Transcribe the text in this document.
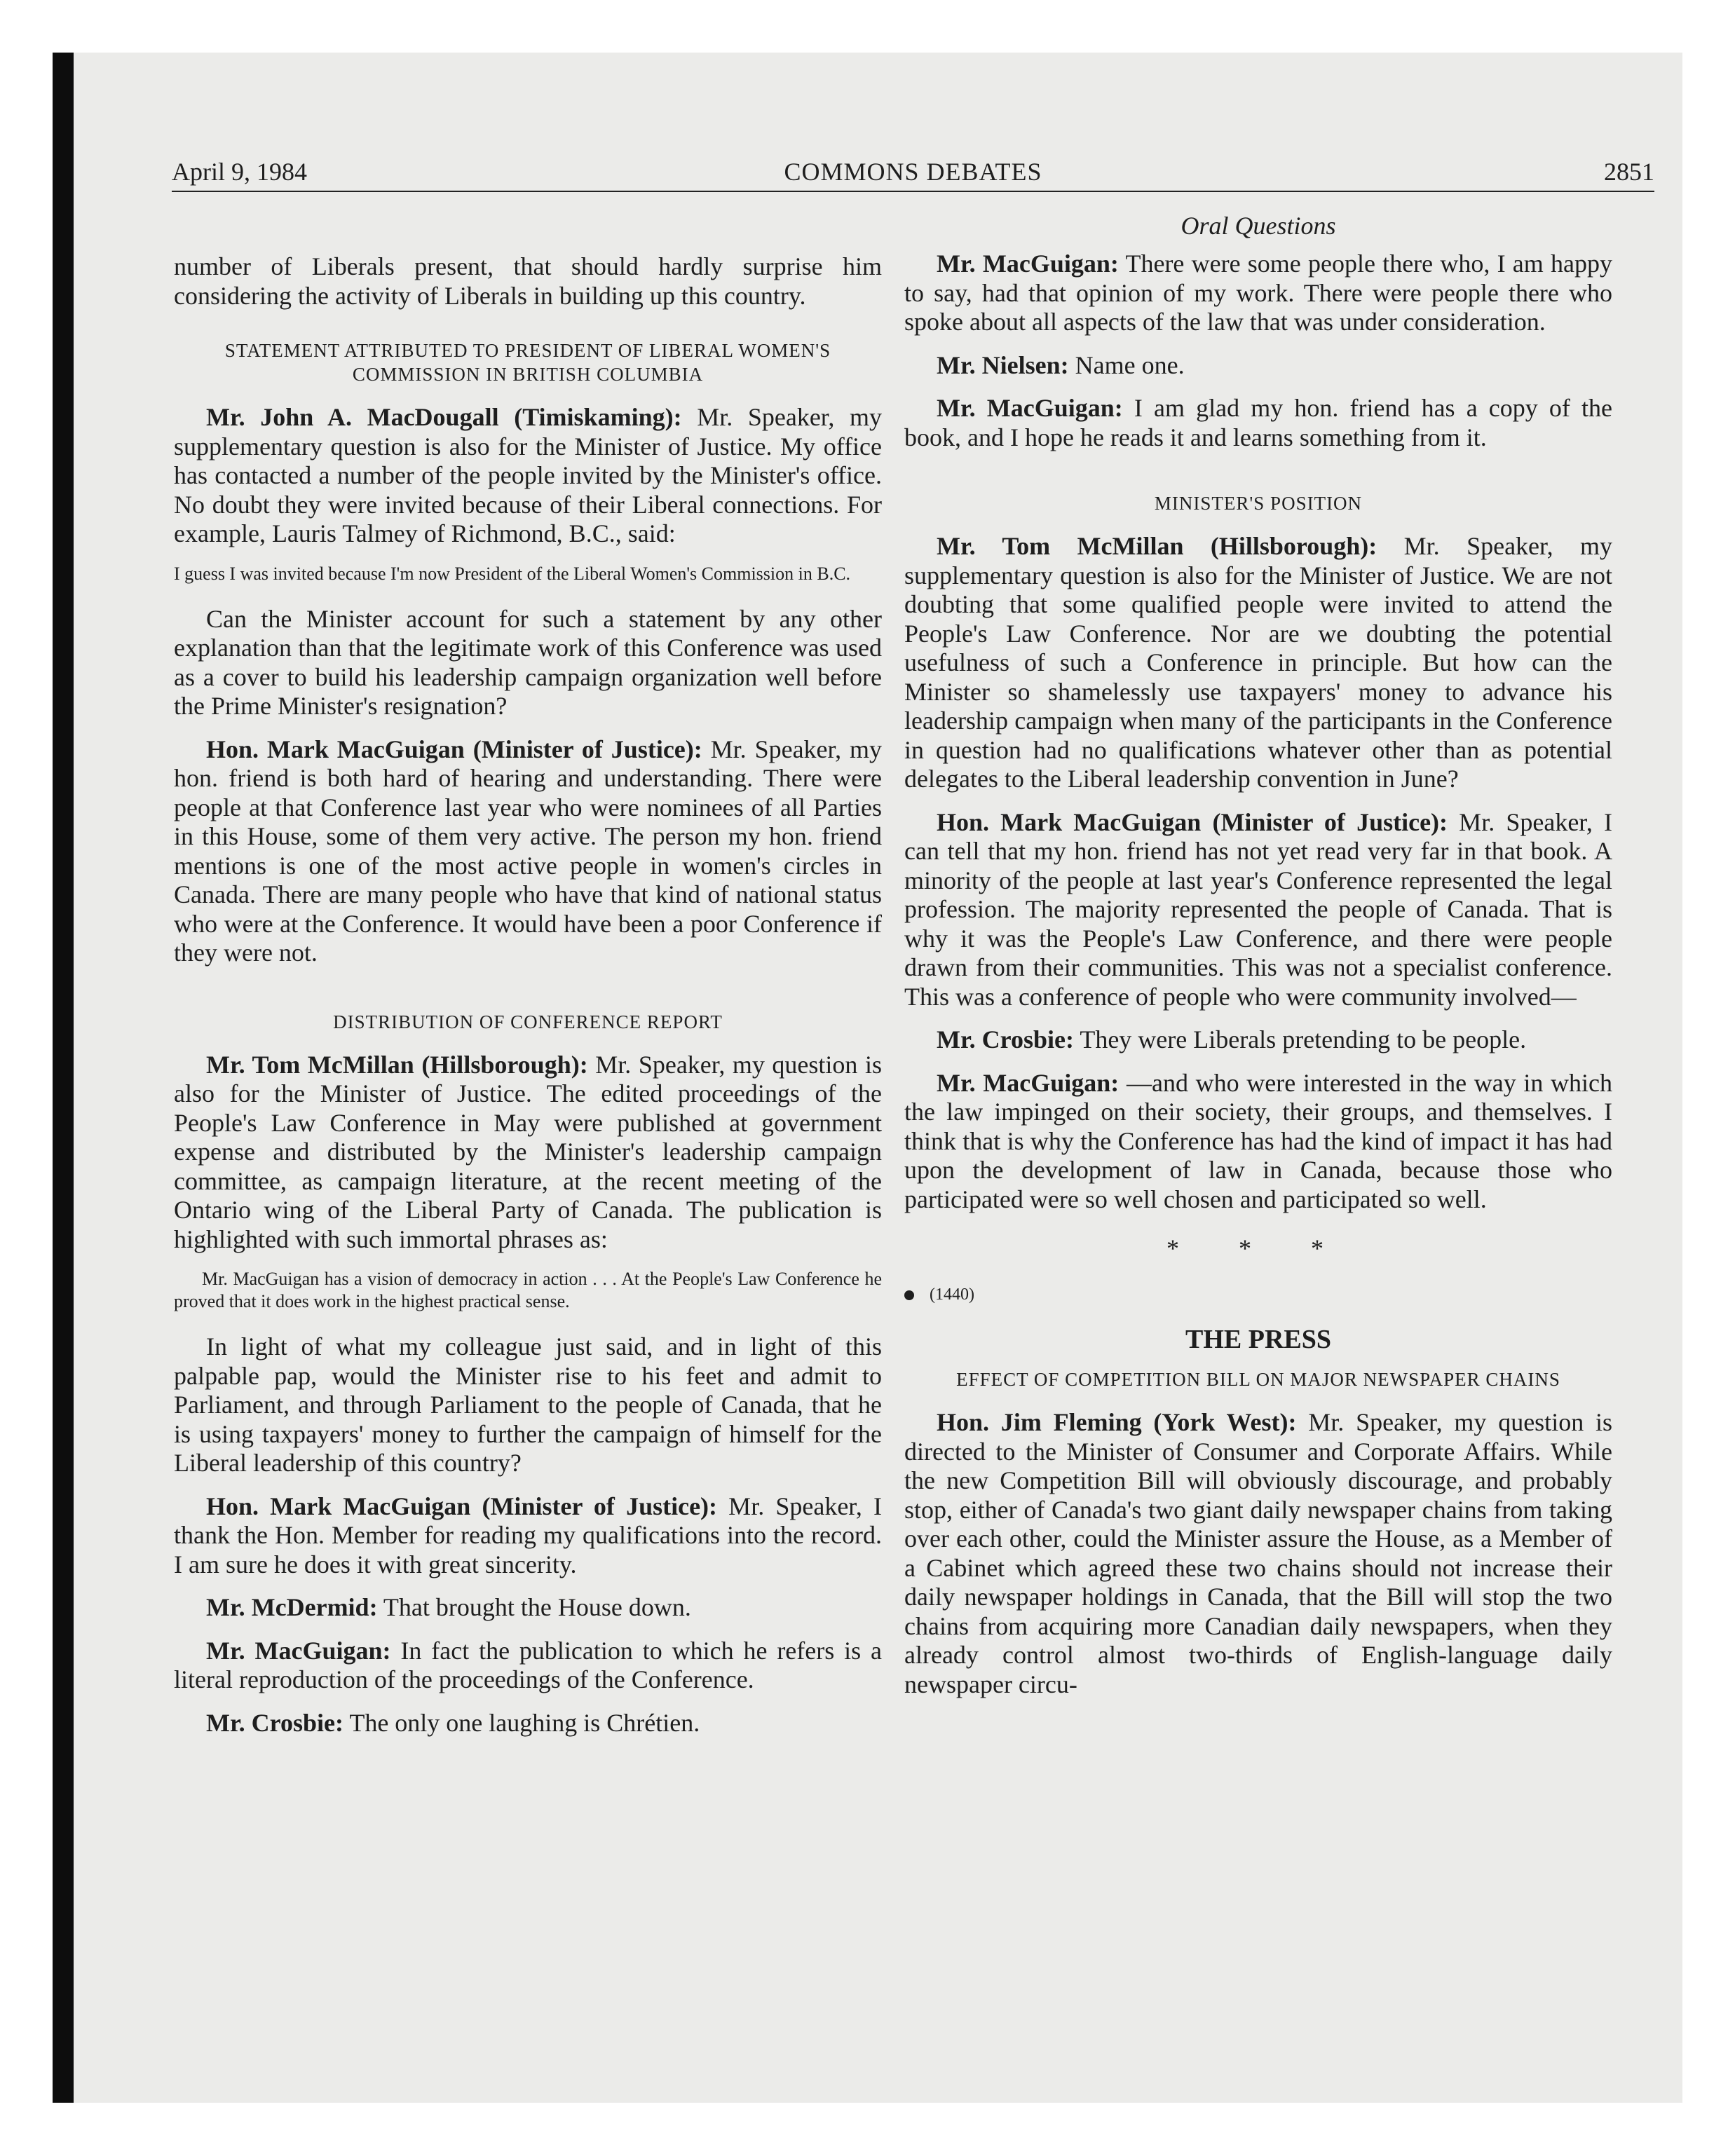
April 9, 1984	COMMONS DEBATES	2851

number of Liberals present, that should hardly surprise him considering the activity of Liberals in building up this country.

STATEMENT ATTRIBUTED TO PRESIDENT OF LIBERAL WOMEN'S COMMISSION IN BRITISH COLUMBIA

Mr. John A. MacDougall (Timiskaming): Mr. Speaker, my supplementary question is also for the Minister of Justice. My office has contacted a number of the people invited by the Minister's office. No doubt they were invited because of their Liberal connections. For example, Lauris Talmey of Richmond, B.C., said:

I guess I was invited because I'm now President of the Liberal Women's Commission in B.C.

Can the Minister account for such a statement by any other explanation than that the legitimate work of this Conference was used as a cover to build his leadership campaign organization well before the Prime Minister's resignation?

Hon. Mark MacGuigan (Minister of Justice): Mr. Speaker, my hon. friend is both hard of hearing and understanding. There were people at that Conference last year who were nominees of all Parties in this House, some of them very active. The person my hon. friend mentions is one of the most active people in women's circles in Canada. There are many people who have that kind of national status who were at the Conference. It would have been a poor Conference if they were not.

DISTRIBUTION OF CONFERENCE REPORT

Mr. Tom McMillan (Hillsborough): Mr. Speaker, my question is also for the Minister of Justice. The edited proceedings of the People's Law Conference in May were published at government expense and distributed by the Minister's leadership campaign committee, as campaign literature, at the recent meeting of the Ontario wing of the Liberal Party of Canada. The publication is highlighted with such immortal phrases as:

Mr. MacGuigan has a vision of democracy in action . . . At the People's Law Conference he proved that it does work in the highest practical sense.

In light of what my colleague just said, and in light of this palpable pap, would the Minister rise to his feet and admit to Parliament, and through Parliament to the people of Canada, that he is using taxpayers' money to further the campaign of himself for the Liberal leadership of this country?

Hon. Mark MacGuigan (Minister of Justice): Mr. Speaker, I thank the Hon. Member for reading my qualifications into the record. I am sure he does it with great sincerity.

Mr. McDermid: That brought the House down.

Mr. MacGuigan: In fact the publication to which he refers is a literal reproduction of the proceedings of the Conference.

Mr. Crosbie: The only one laughing is Chrétien.

Oral Questions

Mr. MacGuigan: There were some people there who, I am happy to say, had that opinion of my work. There were people there who spoke about all aspects of the law that was under consideration.

Mr. Nielsen: Name one.

Mr. MacGuigan: I am glad my hon. friend has a copy of the book, and I hope he reads it and learns something from it.

MINISTER'S POSITION

Mr. Tom McMillan (Hillsborough): Mr. Speaker, my supplementary question is also for the Minister of Justice. We are not doubting that some qualified people were invited to attend the People's Law Conference. Nor are we doubting the potential usefulness of such a Conference in principle. But how can the Minister so shamelessly use taxpayers' money to advance his leadership campaign when many of the participants in the Conference in question had no qualifications whatever other than as potential delegates to the Liberal leadership convention in June?

Hon. Mark MacGuigan (Minister of Justice): Mr. Speaker, I can tell that my hon. friend has not yet read very far in that book. A minority of the people at last year's Conference represented the legal profession. The majority represented the people of Canada. That is why it was the People's Law Conference, and there were people drawn from their communities. This was not a specialist conference. This was a conference of people who were community involved—

Mr. Crosbie: They were Liberals pretending to be people.

Mr. MacGuigan: —and who were interested in the way in which the law impinged on their society, their groups, and themselves. I think that is why the Conference has had the kind of impact it has had upon the development of law in Canada, because those who participated were so well chosen and participated so well.

* * *
(1440)
THE PRESS
EFFECT OF COMPETITION BILL ON MAJOR NEWSPAPER CHAINS

Hon. Jim Fleming (York West): Mr. Speaker, my question is directed to the Minister of Consumer and Corporate Affairs. While the new Competition Bill will obviously discourage, and probably stop, either of Canada's two giant daily newspaper chains from taking over each other, could the Minister assure the House, as a Member of a Cabinet which agreed these two chains should not increase their daily newspaper holdings in Canada, that the Bill will stop the two chains from acquiring more Canadian daily newspapers, when they already control almost two-thirds of English-language daily newspaper circu-
